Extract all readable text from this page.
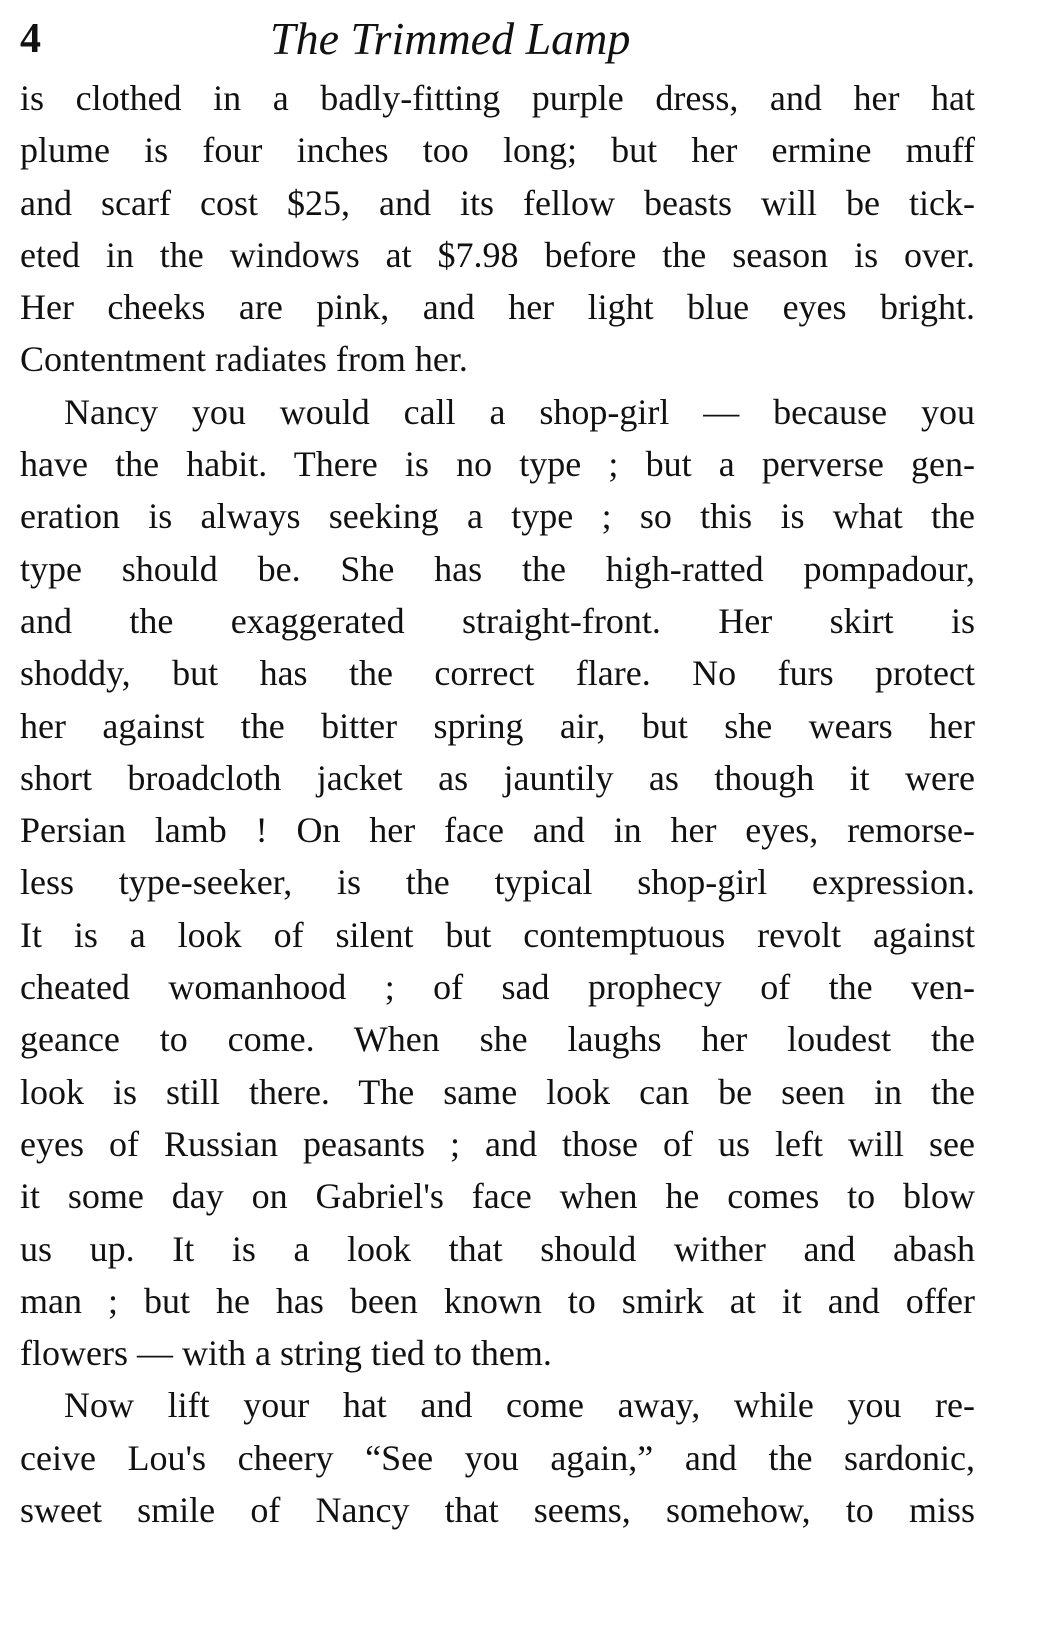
4	The Trimmed Lamp
is clothed in a badly-fitting purple dress, and her hat
plume is four inches too long; but her ermine muff
and scarf cost $25, and its fellow beasts will be tick-
eted in the windows at $7.98 before the season is over.
Her cheeks are pink, and her light blue eyes bright.
Contentment radiates from her.
Nancy you would call a shop-girl — because you
have the habit. There is no type ; but a perverse gen-
eration is always seeking a type ; so this is what the
type should be. She has the high-ratted pompadour,
and the exaggerated straight-front. Her skirt is
shoddy, but has the correct flare. No furs protect
her against the bitter spring air, but she wears her
short broadcloth jacket as jauntily as though it were
Persian lamb ! On her face and in her eyes, remorse-
less type-seeker, is the typical shop-girl expression.
It is a look of silent but contemptuous revolt against
cheated womanhood ; of sad prophecy of the ven-
geance to come. When she laughs her loudest the
look is still there. The same look can be seen in the
eyes of Russian peasants ; and those of us left will see
it some day on Gabriel's face when he comes to blow
us up. It is a look that should wither and abash
man ; but he has been known to smirk at it and offer
flowers — with a string tied to them.
Now lift your hat and come away, while you re-
ceive Lou's cheery “See you again,” and the sardonic,
sweet smile of Nancy that seems, somehow, to miss
